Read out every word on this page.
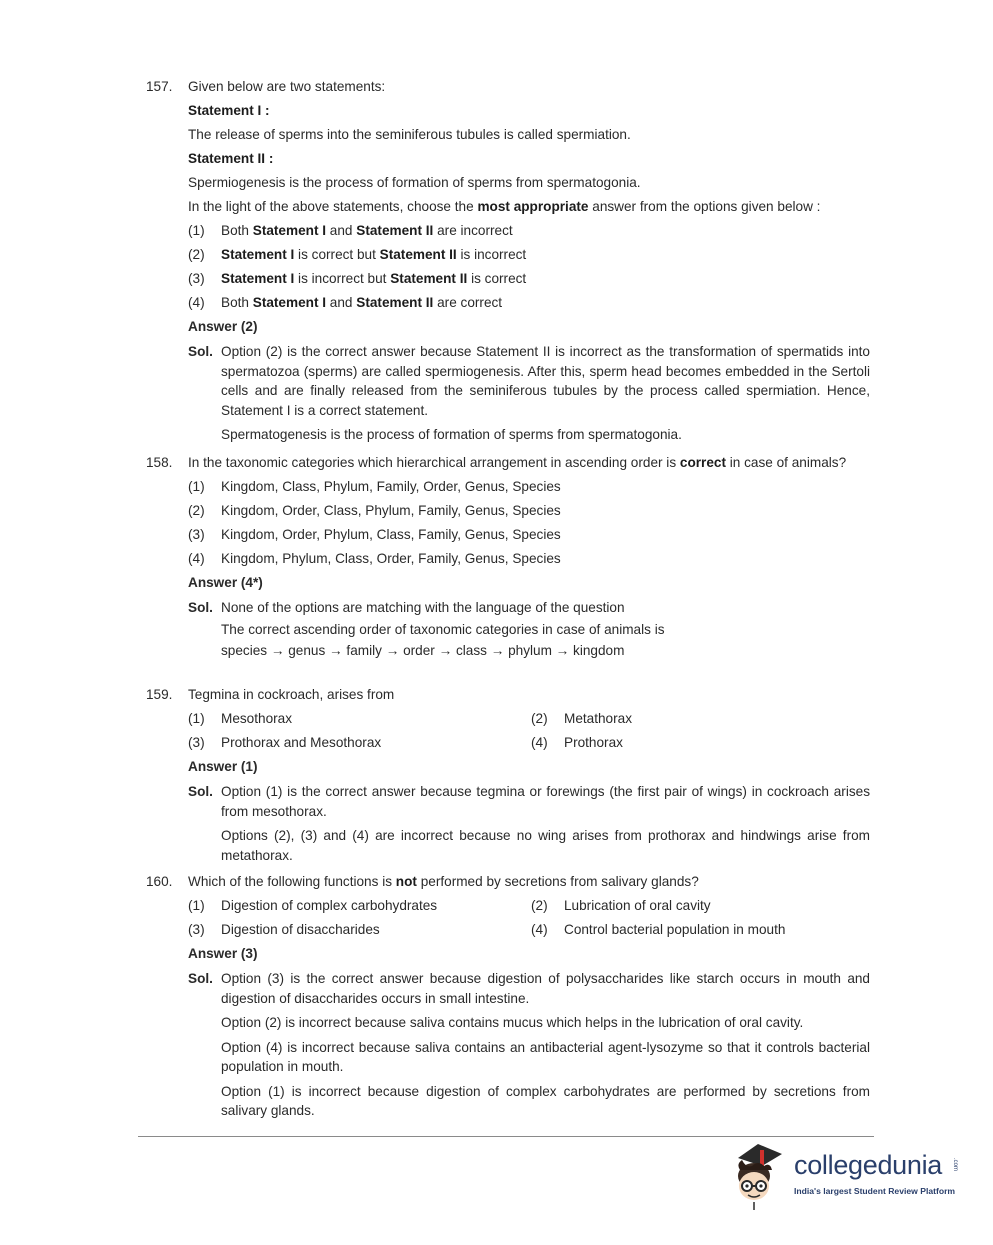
157. Given below are two statements:
Statement I :
The release of sperms into the seminiferous tubules is called spermiation.
Statement II :
Spermiogenesis is the process of formation of sperms from spermatogonia.
In the light of the above statements, choose the most appropriate answer from the options given below :
(1)	Both Statement I and Statement II are incorrect
(2)	Statement I is correct but Statement II is incorrect
(3)	Statement I is incorrect but Statement II is correct
(4)	Both Statement I and Statement II are correct
Answer (2)
Sol. Option (2) is the correct answer because Statement II is incorrect as the transformation of spermatids into spermatozoa (sperms) are called spermiogenesis. After this, sperm head becomes embedded in the Sertoli cells and are finally released from the seminiferous tubules by the process called spermiation. Hence, Statement I is a correct statement.
Spermatogenesis is the process of formation of sperms from spermatogonia.
158. In the taxonomic categories which hierarchical arrangement in ascending order is correct in case of animals?
(1)	Kingdom, Class, Phylum, Family, Order, Genus, Species
(2)	Kingdom, Order, Class, Phylum, Family, Genus, Species
(3)	Kingdom, Order, Phylum, Class, Family, Genus, Species
(4)	Kingdom, Phylum, Class, Order, Family, Genus, Species
Answer (4*)
Sol. None of the options are matching with the language of the question
The correct ascending order of taxonomic categories in case of animals is
species → genus → family → order → class → phylum → kingdom
159. Tegmina in cockroach, arises from
(1)	Mesothorax	(2)	Metathorax
(3)	Prothorax and Mesothorax	(4)	Prothorax
Answer (1)
Sol. Option (1) is the correct answer because tegmina or forewings (the first pair of wings) in cockroach arises from mesothorax.
Options (2), (3) and (4) are incorrect because no wing arises from prothorax and hindwings arise from metathorax.
160. Which of the following functions is not performed by secretions from salivary glands?
(1)	Digestion of complex carbohydrates	(2)	Lubrication of oral cavity
(3)	Digestion of disaccharides	(4)	Control bacterial population in mouth
Answer (3)
Sol. Option (3) is the correct answer because digestion of polysaccharides like starch occurs in mouth and digestion of disaccharides occurs in small intestine.
Option (2) is incorrect because saliva contains mucus which helps in the lubrication of oral cavity.
Option (4) is incorrect because saliva contains an antibacterial agent-lysozyme so that it controls bacterial population in mouth.
Option (1) is incorrect because digestion of complex carbohydrates are performed by secretions from salivary glands.
collegedunia .com
India's largest Student Review Platform
